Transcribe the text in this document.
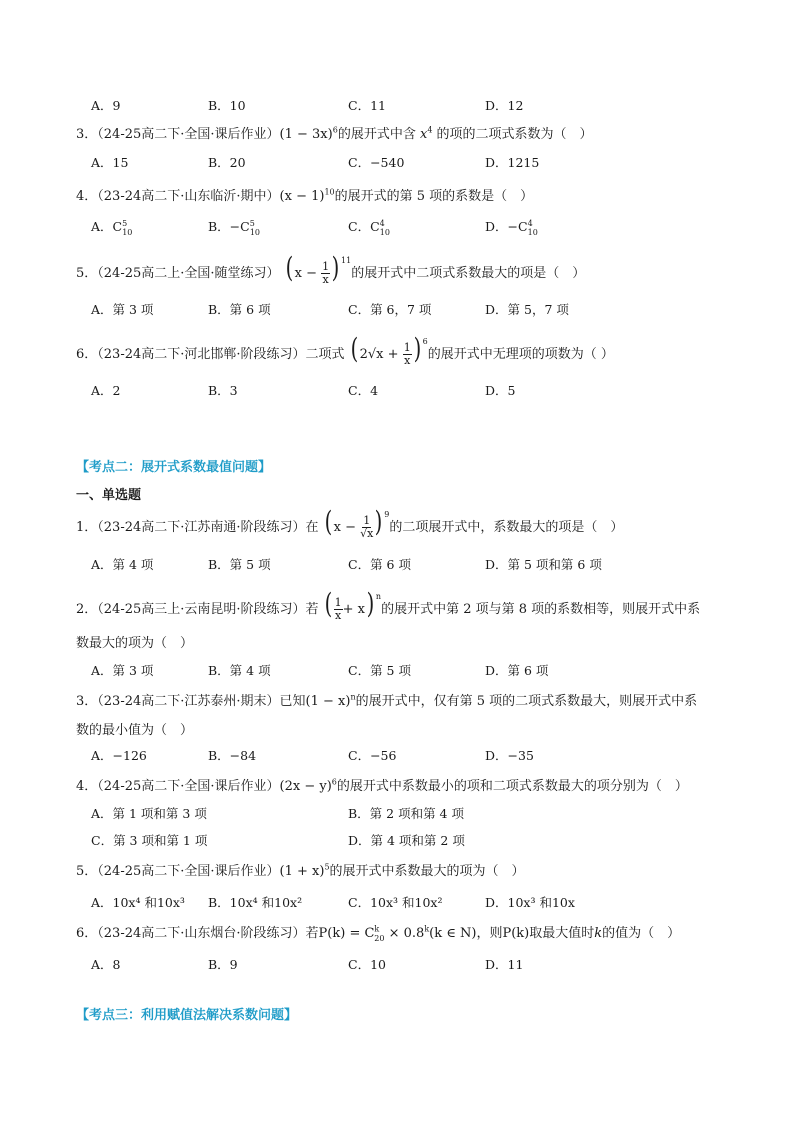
A．9	B．10	C．11	D．12
3．（24-25高二下·全国·课后作业）$(1 - 3x)^6$的展开式中含 $x^4$ 的项的二项式系数为（　）
A．15	B．20	C．−540	D．1215
4．（23-24高二下·山东临沂·期中）$(x - 1)^{10}$的展开式的第 5 项的系数是（　）
A．$C^5_{10}$	B．$-C^5_{10}$	C．$C^4_{10}$	D．$-C^4_{10}$
5．（24-25高二上·全国·随堂练习） ( $x - \frac{1}{x}$ ) $^{11}$的展开式中二项式系数最大的项是（　）
A．第 3 项	B．第 6 项	C．第 6，7 项	D．第 5，7 项
6．（23-24高二下·河北邯郸·阶段练习）二项式 ( $2√x + \frac{1}{x}$ ) $^6$的展开式中无理项的项数为（ ）
A．2	B．3	C．4	D．5
【考点二：展开式系数最值问题】
一、单选题
1．（23-24高二下·江苏南通·阶段练习）在 ( $x - \frac{1}{√x}$ ) $^9$的二项展开式中，系数最大的项是（　）
A．第 4 项	B．第 5 项	C．第 6 项	D．第 5 项和第 6 项
2．（24-25高三上·云南昆明·阶段练习）若 ( $\frac{1}{x} + x$) $^n$的展开式中第 2 项与第 8 项的系数相等，则展开式中系
数最大的项为（　）
A．第 3 项	B．第 4 项	C．第 5 项	D．第 6 项
3．（23-24高二下·江苏泰州·期末）已知$(1 - x)^n$的展开式中，仅有第 5 项的二项式系数最大，则展开式中系
数的最小值为（　）
A．−126	B．−84	C．−56	D．−35
4．（24-25高二下·全国·课后作业）$(2x - y)^6$的展开式中系数最小的项和二项式系数最大的项分别为（　）
A．第 1 项和第 3 项	B．第 2 项和第 4 项
C．第 3 项和第 1 项	D．第 4 项和第 2 项
5．（24-25高二下·全国·课后作业）$(1 + x)^5$的展开式中系数最大的项为（　）
A．10x⁴ 和10x³ B．10x⁴ 和10x²	C．10x³ 和10x²	D．10x³ 和10x
6．（23-24高二下·山东烟台·阶段练习）若$P(k) = C^k_{20} \times 0.8^k(k$ ∈ N)，则P(k)取最大值时k的值为（　）
A．8	B．9	C．10	D．11
【考点三：利用赋值法解决系数问题】
